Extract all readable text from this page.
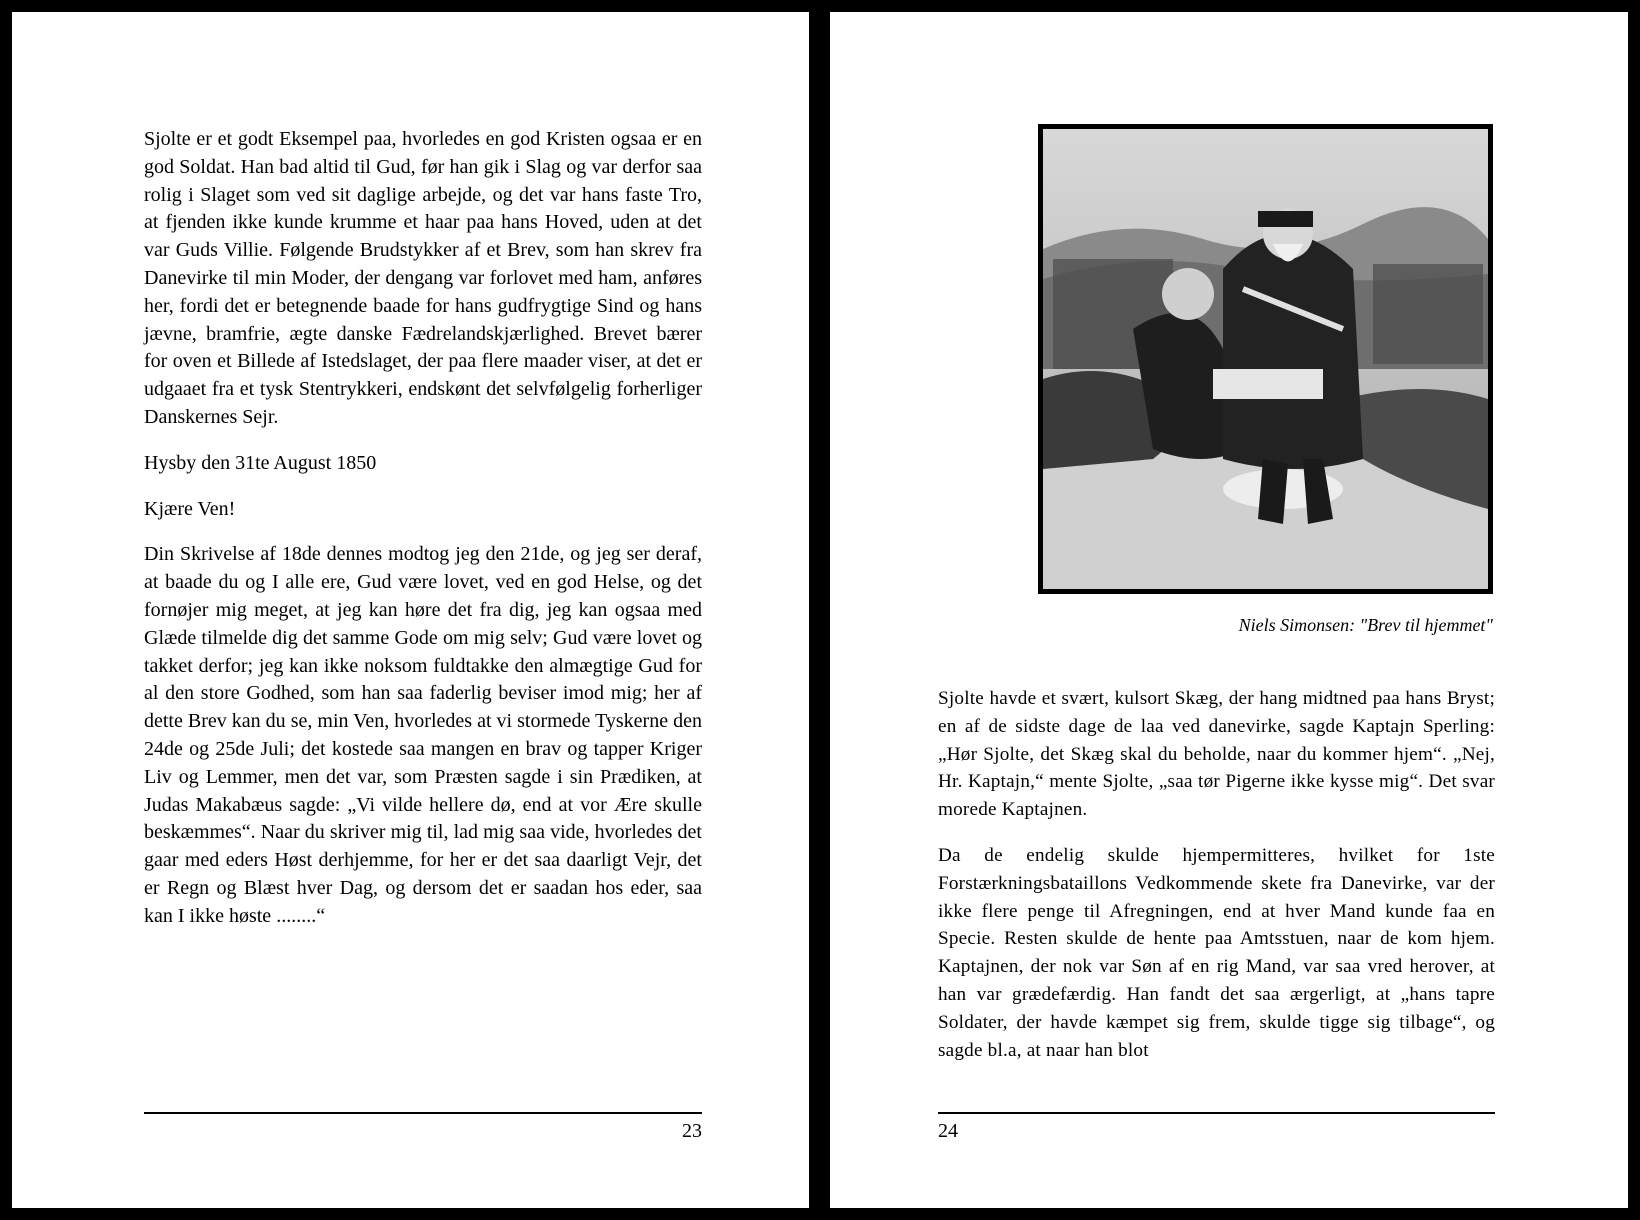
Sjolte er et godt Eksempel paa, hvorledes en god Kristen ogsaa er en god Soldat. Han bad altid til Gud, før han gik i Slag og var derfor saa rolig i Slaget som ved sit daglige arbejde, og det var hans faste Tro, at fjenden ikke kunde krumme et haar paa hans Hoved, uden at det var Guds Villie. Følgende Brudstykker af et Brev, som han skrev fra Danevirke til min Moder, der dengang var forlovet med ham, anføres her, fordi det er betegnende baade for hans gudfrygtige Sind og hans jævne, bramfrie, ægte danske Fædrelandskjærlighed. Brevet bærer for oven et Billede af Istedslaget, der paa flere maader viser, at det er udgaaet fra et tysk Stentrykkeri, endskønt det selvfølgelig forherliger Danskernes Sejr.

Hysby den 31te August 1850

Kjære Ven!

Din Skrivelse af 18de dennes modtog jeg den 21de, og jeg ser deraf, at baade du og I alle ere, Gud være lovet, ved en god Helse, og det fornøjer mig meget, at jeg kan høre det fra dig, jeg kan ogsaa med Glæde tilmelde dig det samme Gode om mig selv; Gud være lovet og takket derfor; jeg kan ikke noksom fuldtakke den almægtige Gud for al den store Godhed, som han saa faderlig beviser imod mig; her af dette Brev kan du se, min Ven, hvorledes at vi stormede Tyskerne den 24de og 25de Juli; det kostede saa mangen en brav og tapper Kriger Liv og Lemmer, men det var, som Præsten sagde i sin Prædiken, at Judas Makabæus sagde: „Vi vilde hellere dø, end at vor Ære skulle beskæmmes“. Naar du skriver mig til, lad mig saa vide, hvorledes det gaar med eders Høst derhjemme, for her er det saa daarligt Vejr, det er Regn og Blæst hver Dag, og dersom det er saadan hos eder, saa kan I ikke høste ........“

23
Niels Simonsen: "Brev til hjemmet"

Sjolte havde et svært, kulsort Skæg, der hang midtned paa hans Bryst; en af de sidste dage de laa ved danevirke, sagde Kaptajn Sperling: „Hør Sjolte, det Skæg skal du beholde, naar du kommer hjem“. „Nej, Hr. Kaptajn,“ mente Sjolte, „saa tør Pigerne ikke kysse mig“. Det svar morede Kaptajnen.

Da de endelig skulde hjempermitteres, hvilket for 1ste Forstærkningsbataillons Vedkommende skete fra Danevirke, var der ikke flere penge til Afregningen, end at hver Mand kunde faa en Specie. Resten skulde de hente paa Amtsstuen, naar de kom hjem. Kaptajnen, der nok var Søn af en rig Mand, var saa vred herover, at han var grædefærdig. Han fandt det saa ærgerligt, at „hans tapre Soldater, der havde kæmpet sig frem, skulde tigge sig tilbage“, og sagde bl.a, at naar han blot

24
